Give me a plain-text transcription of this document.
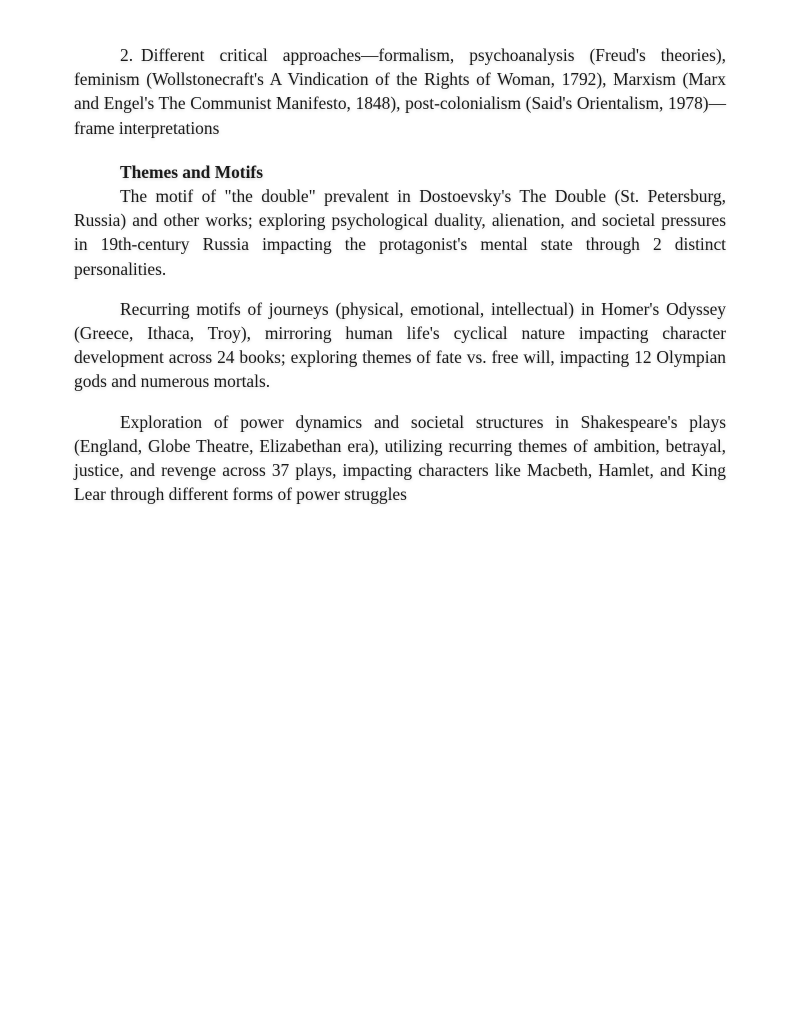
2. Different critical approaches—formalism, psychoanalysis (Freud's theories), feminism (Wollstonecraft's A Vindication of the Rights of Woman, 1792), Marxism (Marx and Engel's The Communist Manifesto, 1848), post-colonialism (Said's Orientalism, 1978)—frame interpretations

Themes and Motifs

The motif of "the double" prevalent in Dostoevsky's The Double (St. Petersburg, Russia) and other works; exploring psychological duality, alienation, and societal pressures in 19th-century Russia impacting the protagonist's mental state through 2 distinct personalities.

Recurring motifs of journeys (physical, emotional, intellectual) in Homer's Odyssey (Greece, Ithaca, Troy), mirroring human life's cyclical nature impacting character development across 24 books; exploring themes of fate vs. free will, impacting 12 Olympian gods and numerous mortals.

Exploration of power dynamics and societal structures in Shakespeare's plays (England, Globe Theatre, Elizabethan era), utilizing recurring themes of ambition, betrayal, justice, and revenge across 37 plays, impacting characters like Macbeth, Hamlet, and King Lear through different forms of power struggles
